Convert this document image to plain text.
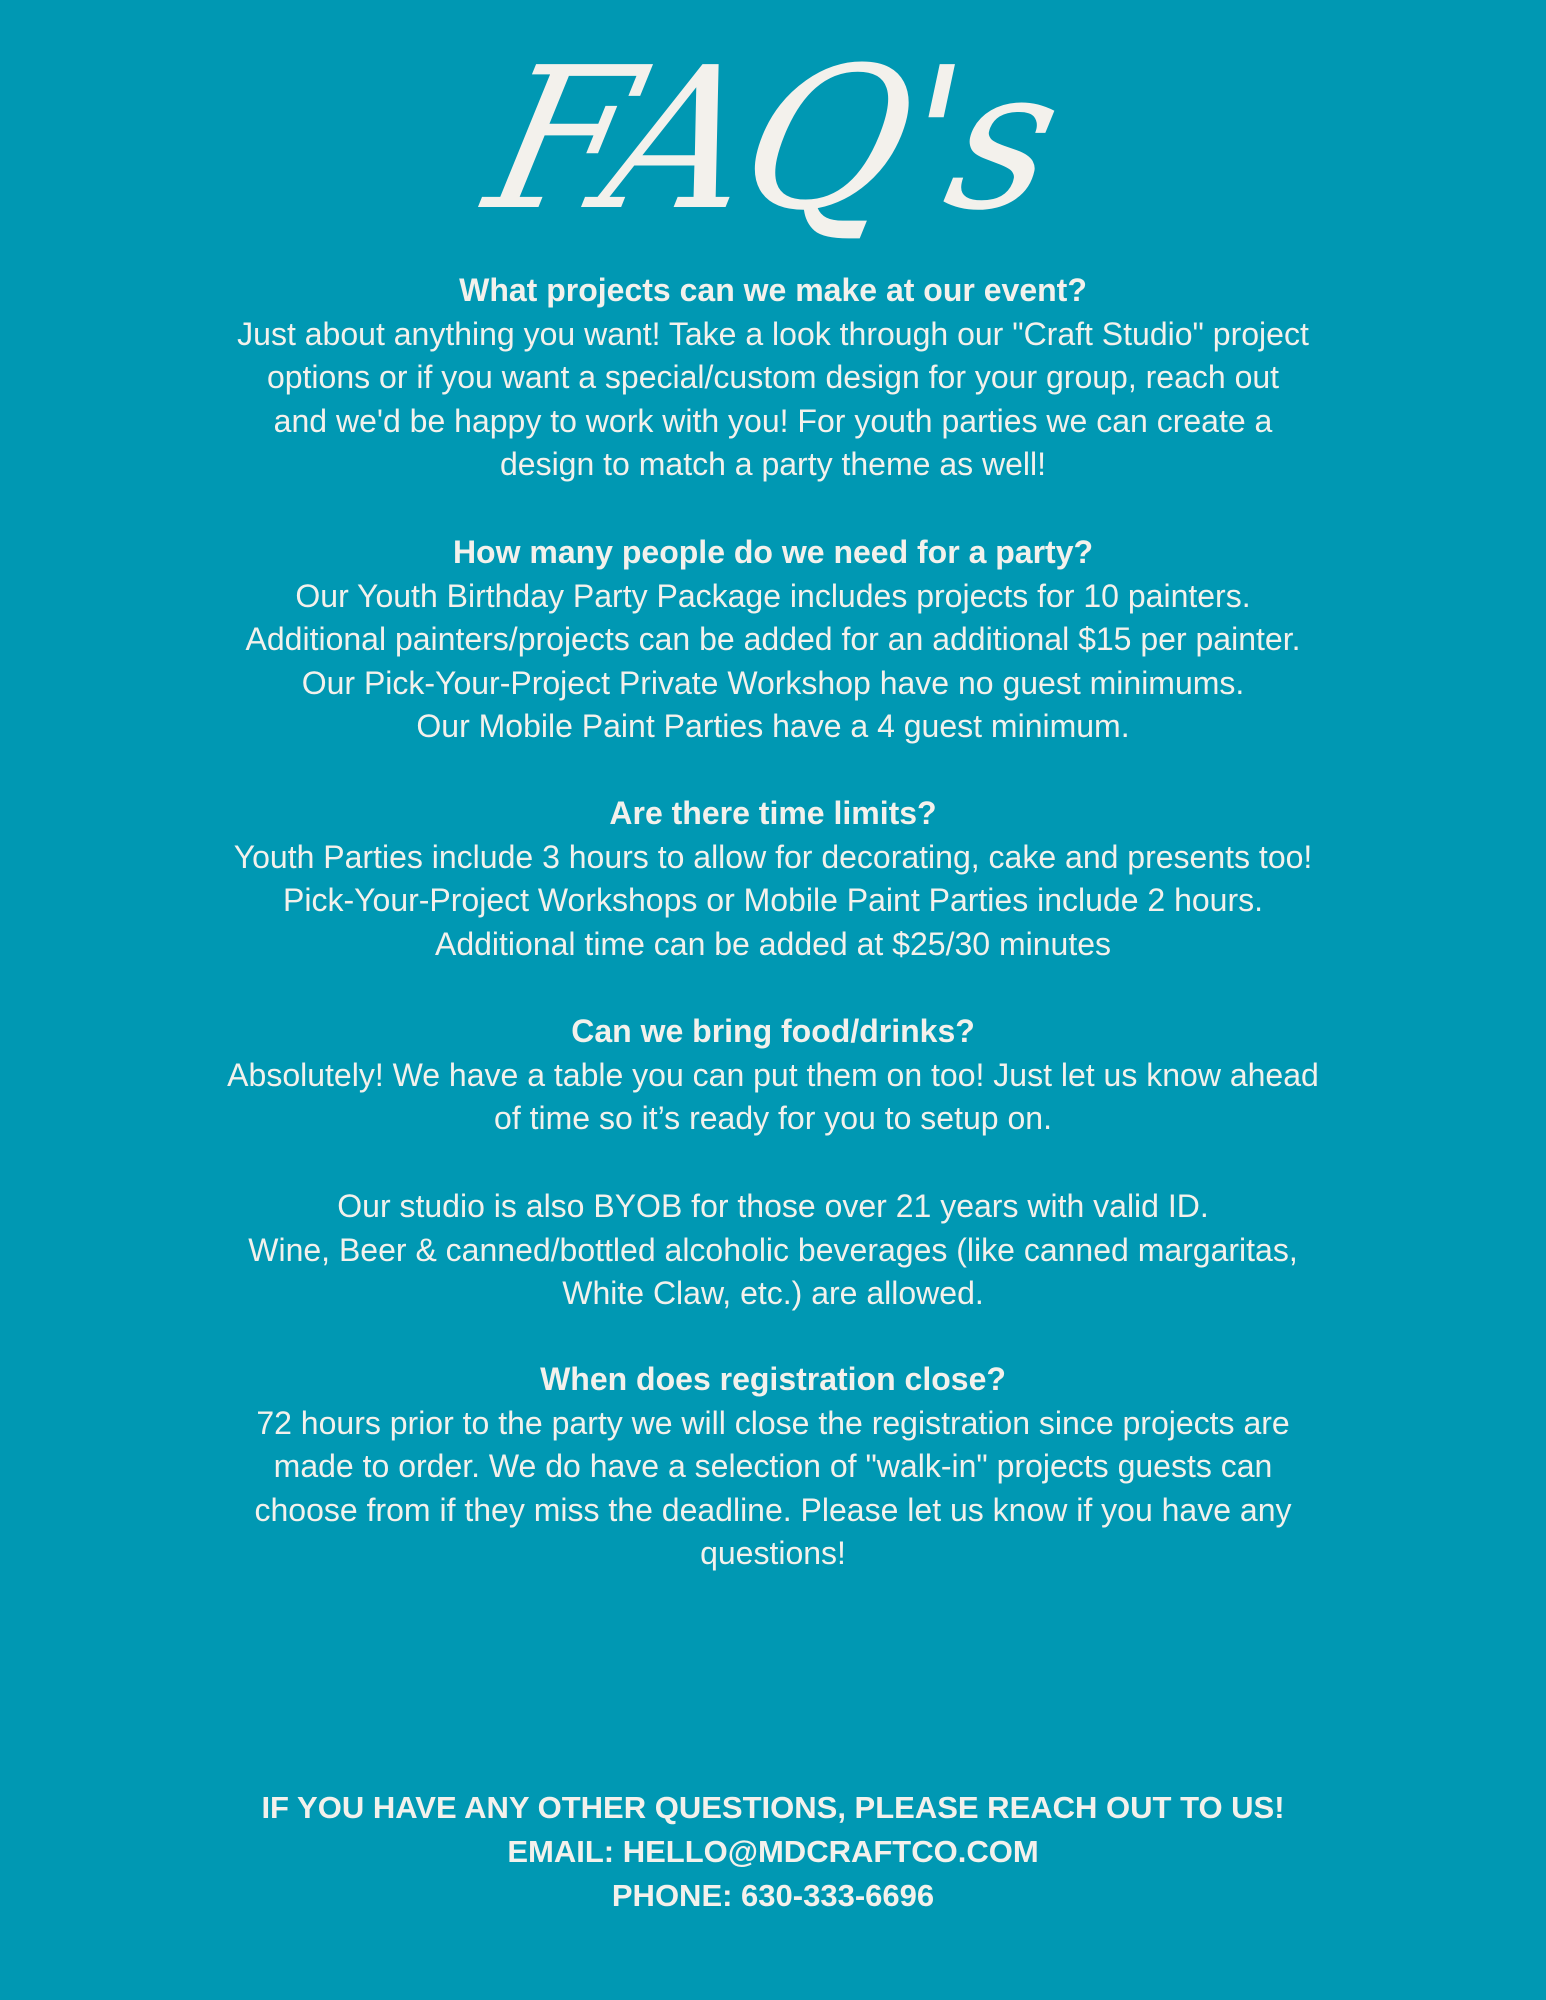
FAQ's
What projects can we make at our event?
Just about anything you want! Take a look through our "Craft Studio" project
options or if you want a special/custom design for your group, reach out
and we'd be happy to work with you! For youth parties we can create a
design to match a party theme as well!
How many people do we need for a party?
Our Youth Birthday Party Package includes projects for 10 painters.
Additional painters/projects can be added for an additional $15 per painter.
Our Pick-Your-Project Private Workshop have no guest minimums.
Our Mobile Paint Parties have a 4 guest minimum.
Are there time limits?
Youth Parties include 3 hours to allow for decorating, cake and presents too!
Pick-Your-Project Workshops or Mobile Paint Parties include 2 hours.
Additional time can be added at $25/30 minutes
Can we bring food/drinks?
Absolutely! We have a table you can put them on too! Just let us know ahead
of time so it’s ready for you to setup on.
Our studio is also BYOB for those over 21 years with valid ID.
Wine, Beer & canned/bottled alcoholic beverages (like canned margaritas,
White Claw, etc.) are allowed.
When does registration close?
72 hours prior to the party we will close the registration since projects are
made to order. We do have a selection of "walk-in" projects guests can
choose from if they miss the deadline. Please let us know if you have any
questions!
IF YOU HAVE ANY OTHER QUESTIONS, PLEASE REACH OUT TO US!
EMAIL: HELLO@MDCRAFTCO.COM
PHONE: 630-333-6696
